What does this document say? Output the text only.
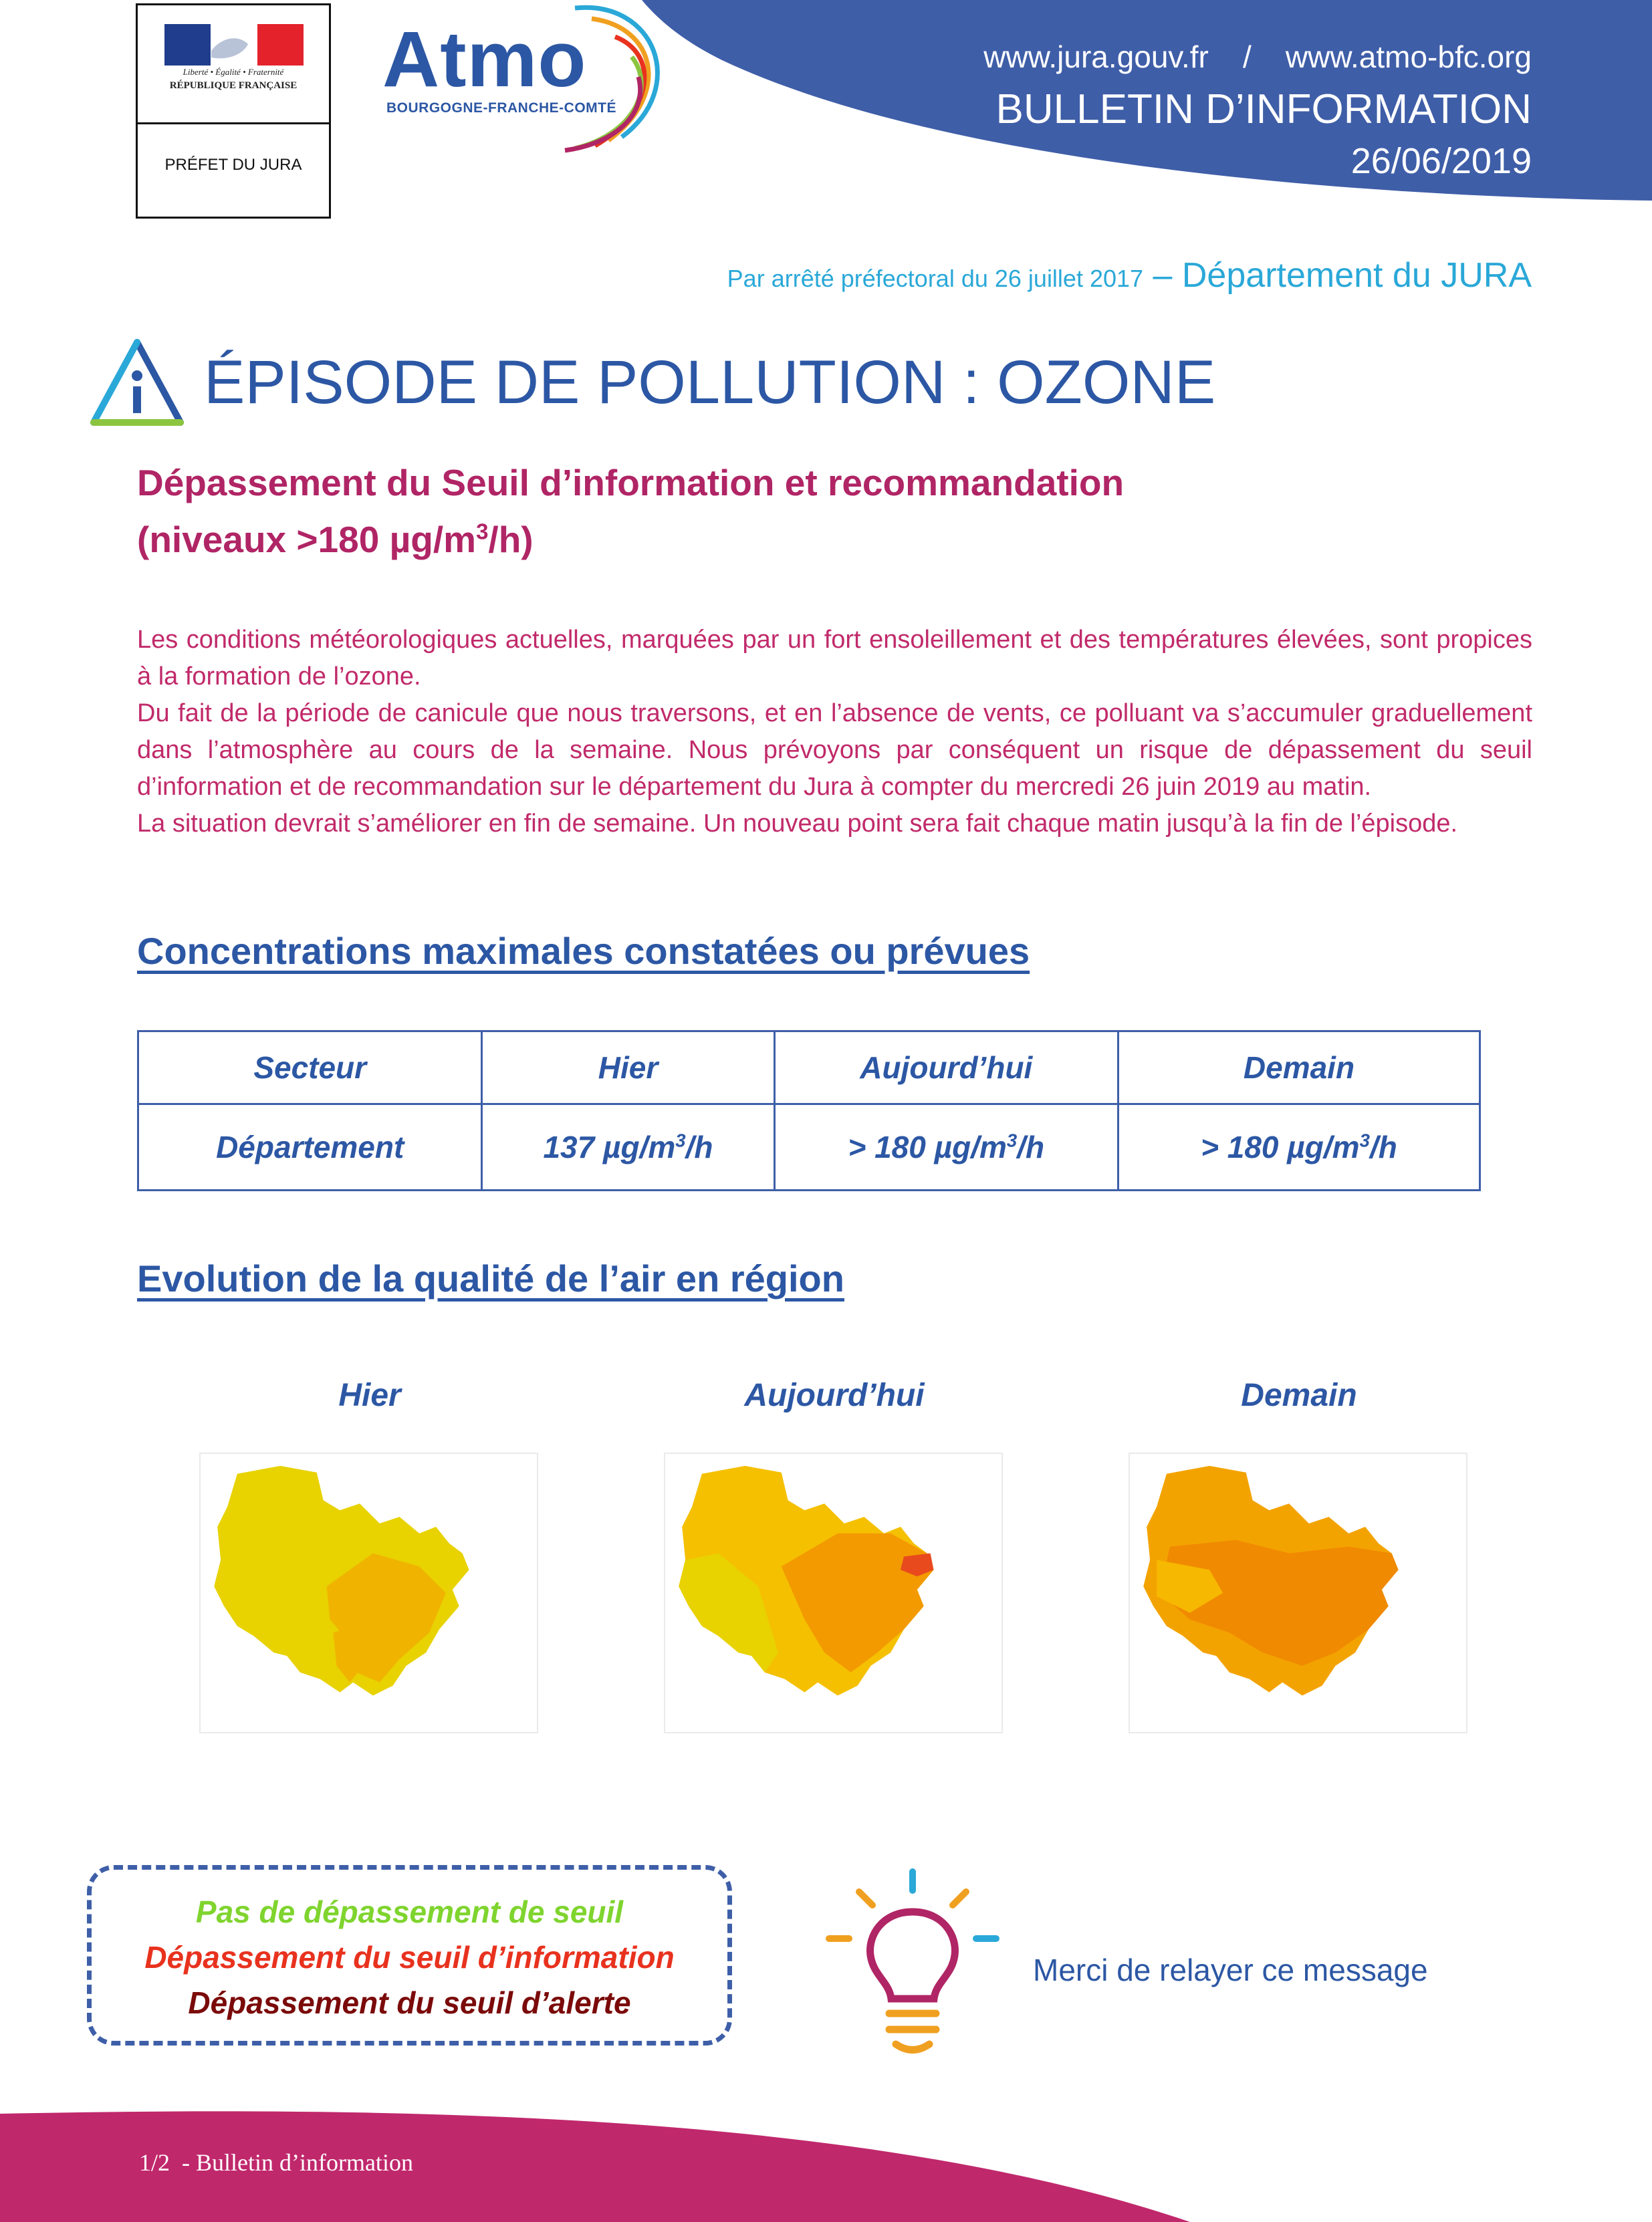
Liberté • Égalité • Fraternité
RÉPUBLIQUE FRANÇAISE
PRÉFET DU JURA
Atmo
BOURGOGNE-FRANCHE-COMTÉ
www.jura.gouv.fr    /    www.atmo-bfc.org
BULLETIN D’INFORMATION
26/06/2019
Par arrêté préfectoral du 26 juillet 2017 – Département du JURA
ÉPISODE DE POLLUTION : OZONE
Dépassement du Seuil d’information et recommandation
(niveaux >180 $\mu g/m^3/h$)

Les conditions météorologiques actuelles, marquées par un fort ensoleillement et des températures élevées, sont propices à la formation de l’ozone.

Du fait de la période de canicule que nous traversons, et en l’absence de vents, ce polluant va s’accumuler graduellement dans l’atmosphère au cours de la semaine. Nous prévoyons par conséquent un risque de dépassement du seuil d’information et de recommandation sur le département du Jura à compter du mercredi 26 juin 2019 au matin.

La situation devrait s’améliorer en fin de semaine. Un nouveau point sera fait chaque matin jusqu’à la fin de l’épisode.

Concentrations maximales constatées ou prévues
Secteur	Hier	Aujourd’hui	Demain
Département	137 $\mu g/m^3/h$	> 180 $\mu g/m^3/h$	> 180 $\mu g/m^3/h$
Evolution de la qualité de l’air en région
Hier	Aujourd’hui	Demain
Pas de dépassement de seuil
Dépassement du seuil d’information
Dépassement du seuil d’alerte
Merci de relayer ce message
1/2  - Bulletin d’information
